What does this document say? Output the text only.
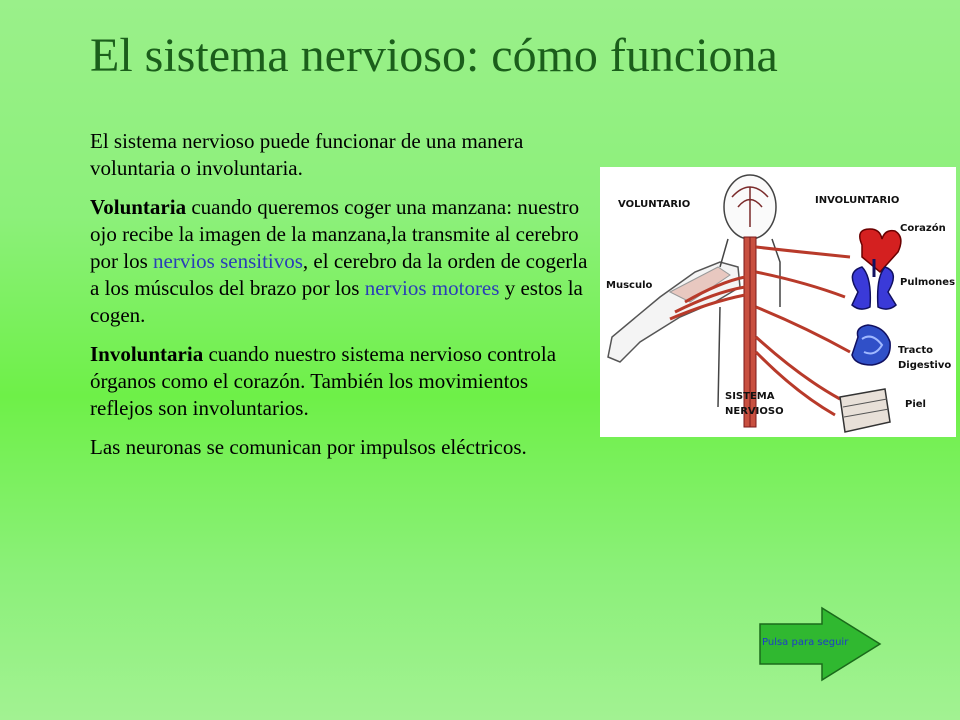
El sistema nervioso: cómo funciona

El sistema nervioso puede funcionar de una manera voluntaria o involuntaria.

Voluntaria cuando queremos coger una manzana: nuestro ojo recibe la imagen de la manzana,la transmite al cerebro por los nervios sensitivos, el cerebro da la orden de cogerla a los músculos del brazo por los nervios motores y estos la cogen.

Involuntaria cuando nuestro sistema nervioso controla órganos como el corazón. También los movimientos reflejos son involuntarios.

Las neuronas se comunican por impulsos eléctricos.

VOLUNTARIO	INVOLUNTARIO
Musculo
Corazón
Pulmones
Tracto
Digestivo
SISTEMA
NERVIOSO
Piel
Pulsa para seguir
